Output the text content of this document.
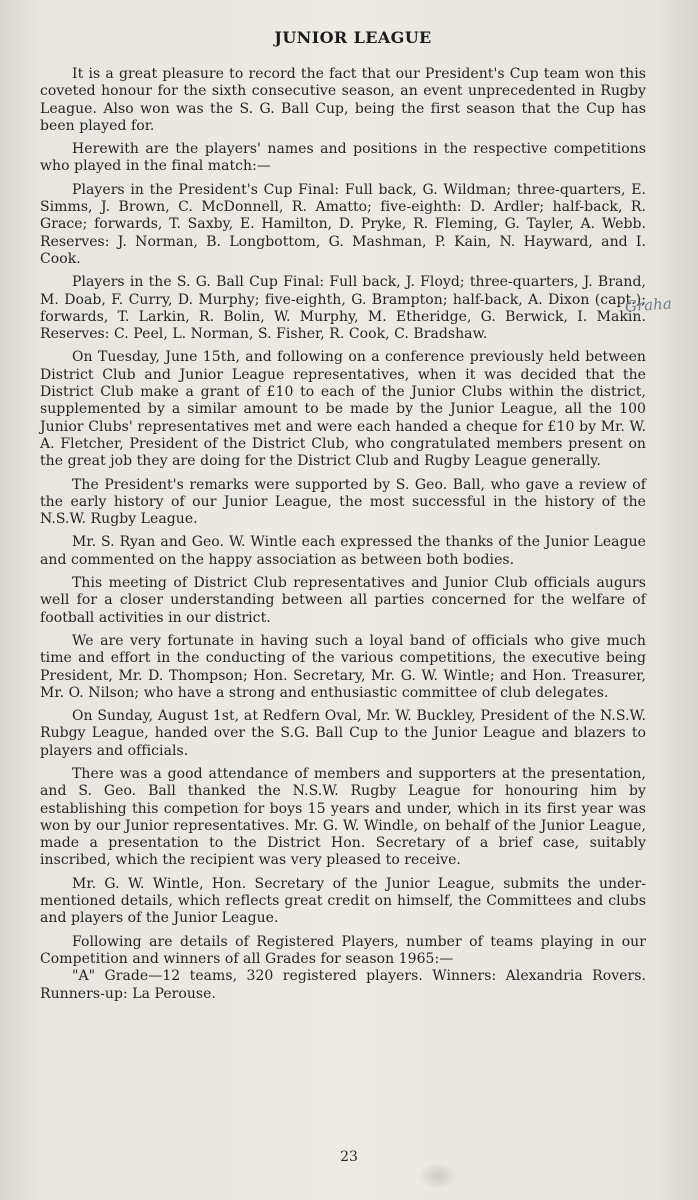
JUNIOR LEAGUE

It is a great pleasure to record the fact that our President's Cup team won this coveted honour for the sixth consecutive season, an event unprecedented in Rugby League. Also won was the S. G. Ball Cup, being the first season that the Cup has been played for.

Herewith are the players' names and positions in the respective competitions who played in the final match:—

Players in the President's Cup Final: Full back, G. Wildman; three-quarters, E. Simms, J. Brown, C. McDonnell, R. Amatto; five-eighth: D. Ardler; half-back, R. Grace; forwards, T. Saxby, E. Hamilton, D. Pryke, R. Fleming, G. Tayler, A. Webb. Reserves: J. Norman, B. Longbottom, G. Mashman, P. Kain, N. Hayward, and I. Cook.

Players in the S. G. Ball Cup Final: Full back, J. Floyd; three-quarters, J. Brand, M. Doab, F. Curry, D. Murphy; five-eighth, G. Brampton; half-back, A. Dixon (capt.); forwards, T. Larkin, R. Bolin, W. Murphy, M. Etheridge, G. Berwick, I. Makin. Reserves: C. Peel, L. Norman, S. Fisher, R. Cook, C. Bradshaw.

On Tuesday, June 15th, and following on a conference previously held between District Club and Junior League representatives, when it was decided that the District Club make a grant of £10 to each of the Junior Clubs within the district, supplemented by a similar amount to be made by the Junior League, all the 100 Junior Clubs' representatives met and were each handed a cheque for £10 by Mr. W. A. Fletcher, President of the District Club, who congratulated members present on the great job they are doing for the District Club and Rugby League generally.

The President's remarks were supported by S. Geo. Ball, who gave a review of the early history of our Junior League, the most successful in the history of the N.S.W. Rugby League.

Mr. S. Ryan and Geo. W. Wintle each expressed the thanks of the Junior League and commented on the happy association as between both bodies.

This meeting of District Club representatives and Junior Club officials augurs well for a closer understanding between all parties concerned for the welfare of football activities in our district.

We are very fortunate in having such a loyal band of officials who give much time and effort in the conducting of the various competitions, the executive being President, Mr. D. Thompson; Hon. Secretary, Mr. G. W. Wintle; and Hon. Treasurer, Mr. O. Nilson; who have a strong and enthusiastic committee of club delegates.

On Sunday, August 1st, at Redfern Oval, Mr. W. Buckley, President of the N.S.W. Rubgy League, handed over the S.G. Ball Cup to the Junior League and blazers to players and officials.

There was a good attendance of members and supporters at the presentation, and S. Geo. Ball thanked the N.S.W. Rugby League for honouring him by establishing this competion for boys 15 years and under, which in its first year was won by our Junior representatives. Mr. G. W. Windle, on behalf of the Junior League, made a presentation to the District Hon. Secretary of a brief case, suitably inscribed, which the recipient was very pleased to receive.

Mr. G. W. Wintle, Hon. Secretary of the Junior League, submits the under-mentioned details, which reflects great credit on himself, the Committees and clubs and players of the Junior League.

Following are details of Registered Players, number of teams playing in our Competition and winners of all Grades for season 1965:—

"A" Grade—12 teams, 320 registered players. Winners: Alexandria Rovers. Runners-up: La Perouse.

Graha
23
